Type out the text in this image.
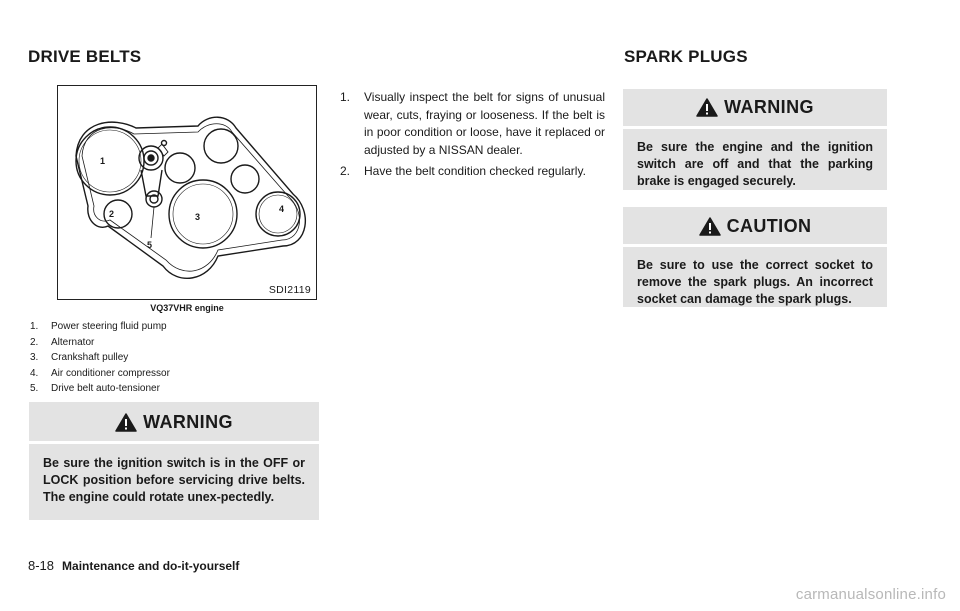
DRIVE BELTS	SPARK PLUGS
1
2	3
4
5
SDI2119
VQ37VHR engine
1.	Power steering fluid pump
2.	Alternator
3.	Crankshaft pulley
4.	Air conditioner compressor
5.	Drive belt auto-tensioner
WARNING
Be sure the ignition switch is in the OFF or LOCK position before servicing drive belts. The engine could rotate unex-pectedly.
1.	Visually inspect the belt for signs of unusual wear, cuts, fraying or looseness. If the belt is in poor condition or loose, have it replaced or adjusted by a NISSAN dealer.
2.	Have the belt condition checked regularly.
WARNING
Be sure the engine and the ignition switch are off and that the parking brake is engaged securely.
CAUTION
Be sure to use the correct socket to remove the spark plugs. An incorrect socket can damage the spark plugs.
8-18 Maintenance and do-it-yourself
carmanualsonline.info
